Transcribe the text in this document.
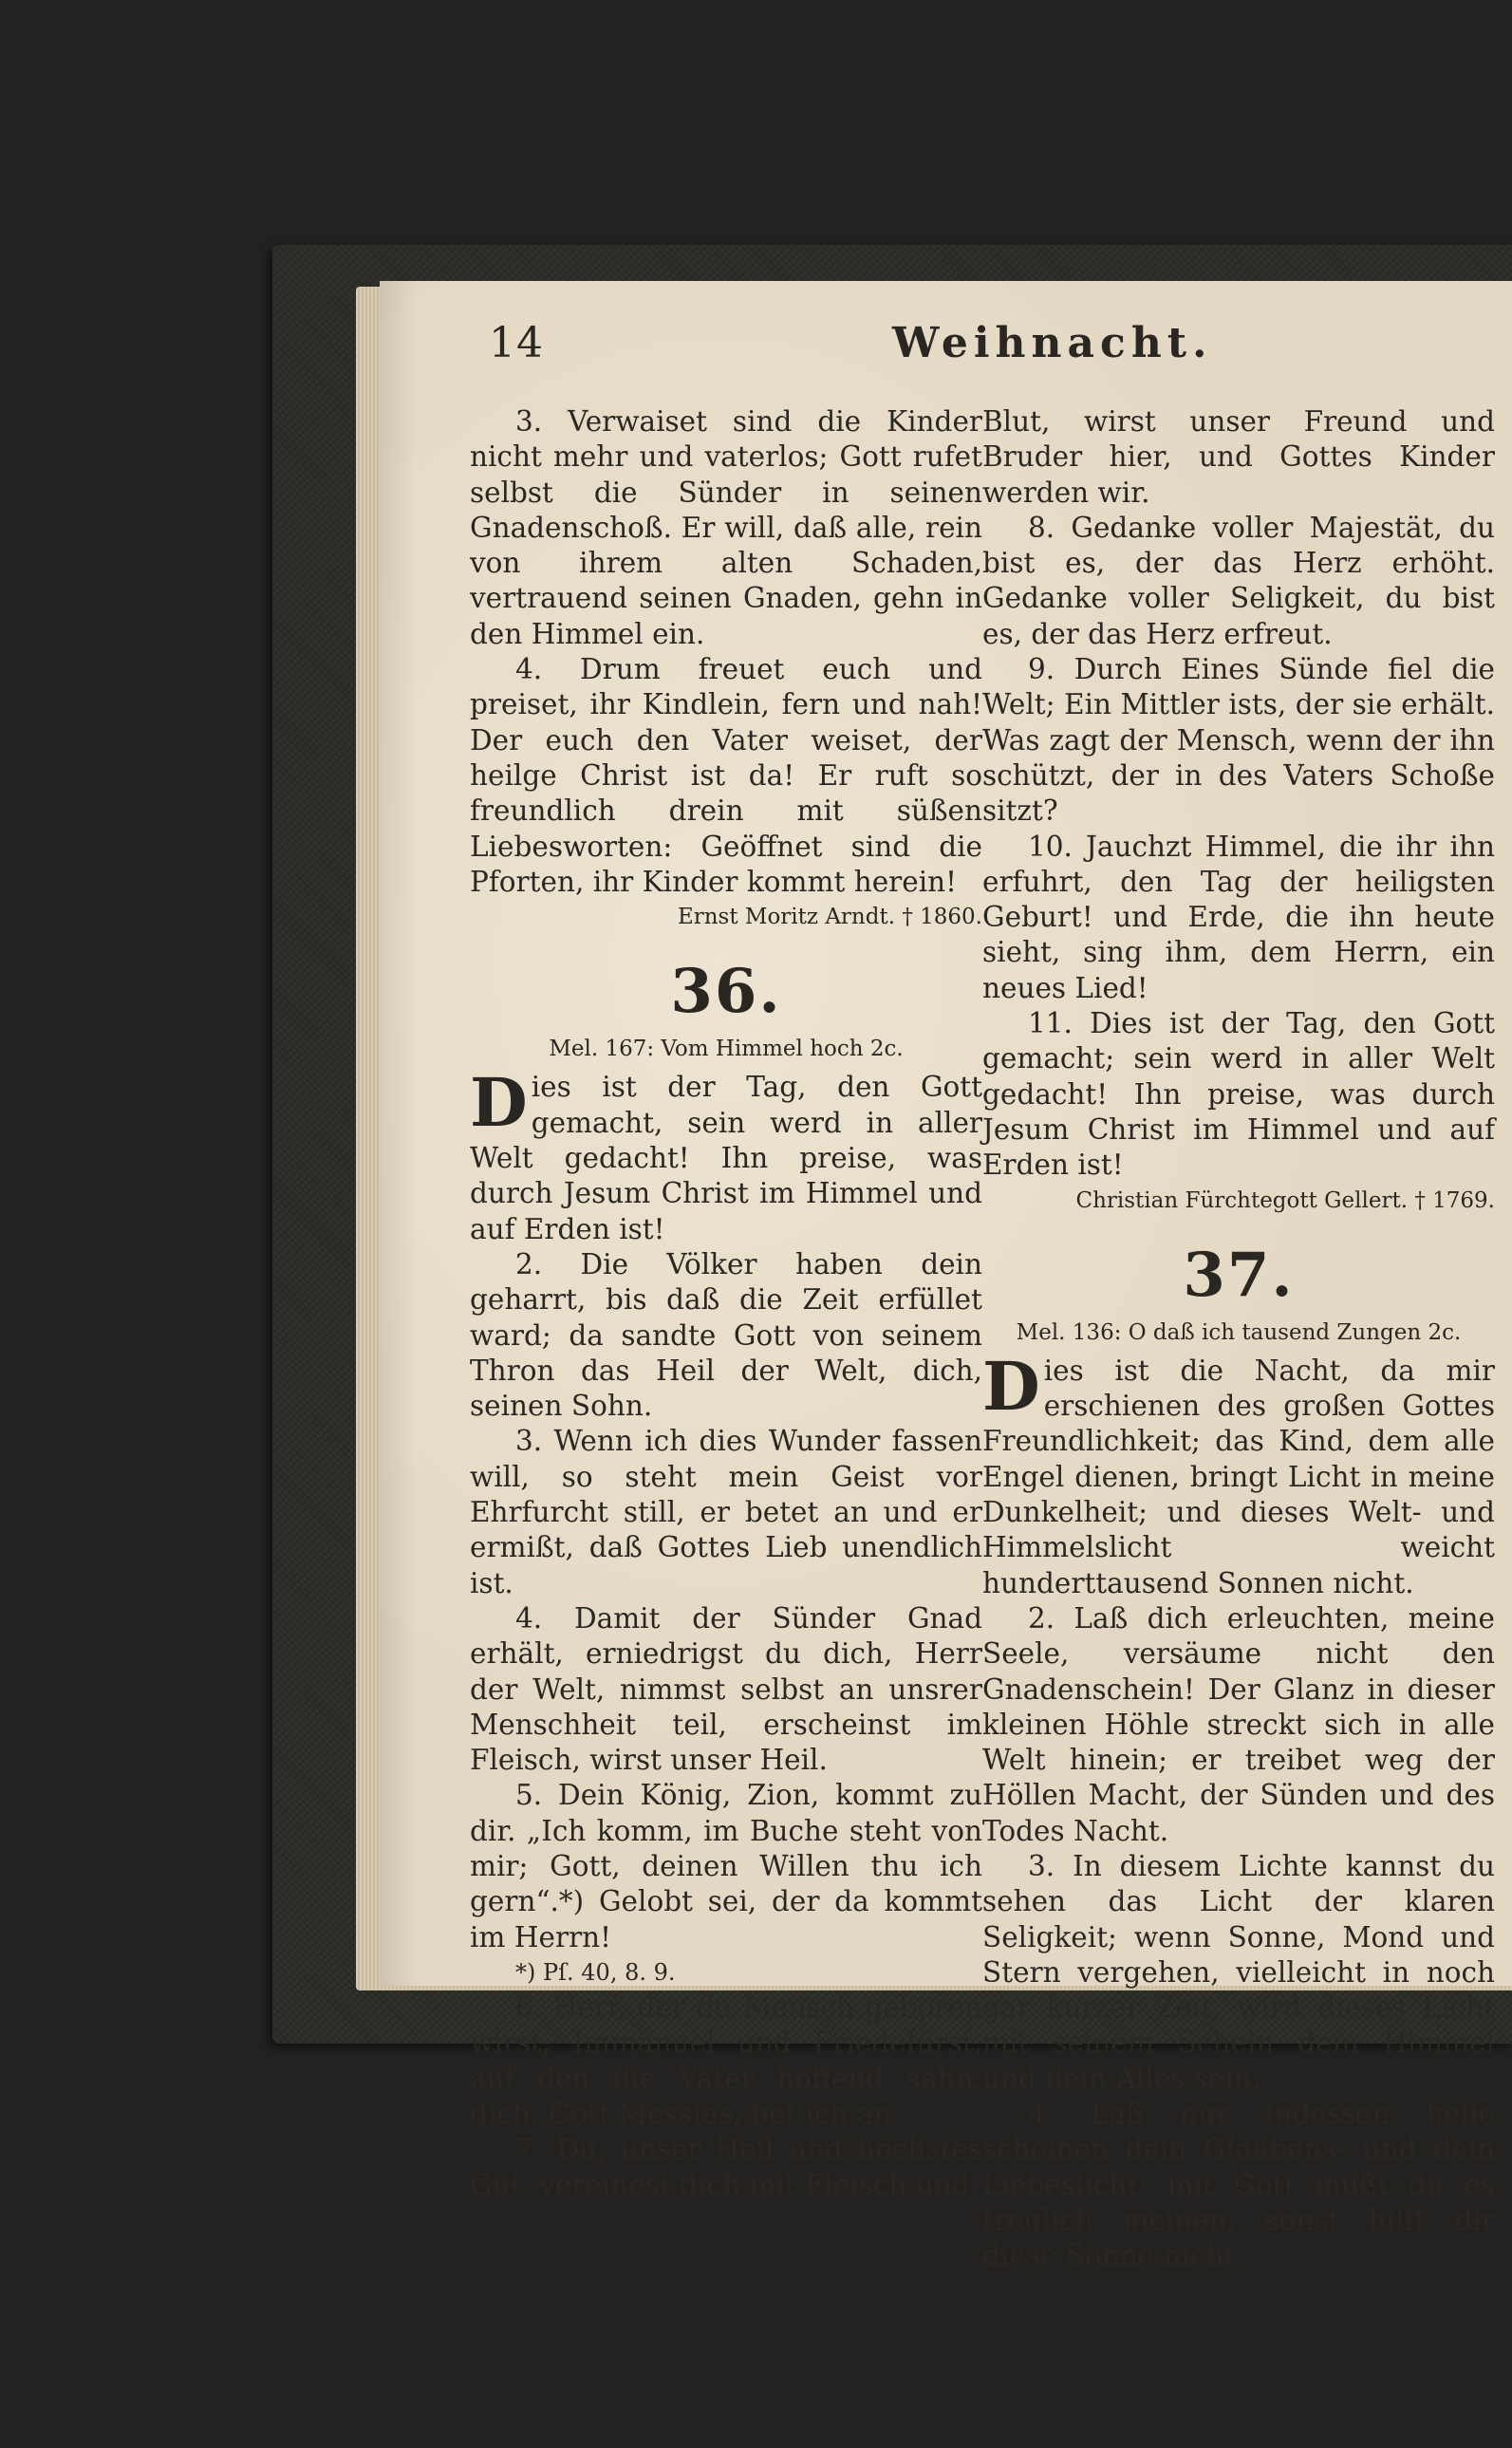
14	Weihnacht.

3. Verwaiset sind die Kinder nicht mehr und vaterlos; Gott rufet selbst die Sünder in seinen Gnadenschoß. Er will, daß alle, rein von ihrem alten Schaden, vertrauend seinen Gnaden, gehn in den Himmel ein.

4. Drum freuet euch und preiset, ihr Kindlein, fern und nah! Der euch den Vater weiset, der heilge Christ ist da! Er ruft so freundlich drein mit süßen Liebesworten: Geöffnet sind die Pforten, ihr Kinder kommt herein!

Ernst Moritz Arndt. † 1860.

36.
Mel. 167: Vom Himmel hoch 2c.

Dies ist der Tag, den Gott gemacht, sein werd in aller Welt gedacht! Ihn preise, was durch Jesum Christ im Himmel und auf Erden ist!

2. Die Völker haben dein geharrt, bis daß die Zeit erfüllet ward; da sandte Gott von seinem Thron das Heil der Welt, dich, seinen Sohn.

3. Wenn ich dies Wunder fassen will, so steht mein Geist vor Ehrfurcht still, er betet an und er ermißt, daß Gottes Lieb unendlich ist.

4. Damit der Sünder Gnad erhält, erniedrigst du dich, Herr der Welt, nimmst selbst an unsrer Menschheit teil, erscheinst im Fleisch, wirst unser Heil.

5. Dein König, Zion, kommt zu dir. „Ich komm, im Buche steht von mir; Gott, deinen Willen thu ich gern“.*) Gelobt sei, der da kommt im Herrn!

*) Pſ. 40, 8. 9.

6. Herr, der du Mensch geboren wirst, Immanuel und Friedefürst, auf den die Väter hoffend sahn, dich, Gott Messias, bet ich an.

7. Du, unser Heil und höchstes Gut, vereinest dich mit Fleisch und

Blut, wirst unser Freund und Bruder hier, und Gottes Kinder werden wir.

8. Gedanke voller Majestät, du bist es, der das Herz erhöht. Gedanke voller Seligkeit, du bist es, der das Herz erfreut.

9. Durch Eines Sünde fiel die Welt; Ein Mittler ists, der sie erhält. Was zagt der Mensch, wenn der ihn schützt, der in des Vaters Schoße sitzt?

10. Jauchzt Himmel, die ihr ihn erfuhrt, den Tag der heiligsten Geburt! und Erde, die ihn heute sieht, sing ihm, dem Herrn, ein neues Lied!

11. Dies ist der Tag, den Gott gemacht; sein werd in aller Welt gedacht! Ihn preise, was durch Jesum Christ im Himmel und auf Erden ist!

Christian Fürchtegott Gellert. † 1769.

37.
Mel. 136: O daß ich tausend Zungen 2c.

Dies ist die Nacht, da mir erschienen des großen Gottes Freundlichkeit; das Kind, dem alle Engel dienen, bringt Licht in meine Dunkelheit; und dieses Welt- und Himmelslicht weicht hunderttausend Sonnen nicht.

2. Laß dich erleuchten, meine Seele, versäume nicht den Gnadenschein! Der Glanz in dieser kleinen Höhle streckt sich in alle Welt hinein; er treibet weg der Höllen Macht, der Sünden und des Todes Nacht.

3. In diesem Lichte kannst du sehen das Licht der klaren Seligkeit; wenn Sonne, Mond und Stern vergehen, vielleicht in noch gar kurzer Zeit, wird dieses Licht mit seinem Schein dein Himmel und dein Alles sein.

4. Laß nur indessen helle scheinen dein Glaubens- und dein Liebeslicht; mit Gott mußt du es treulich meinen, sonst hilft dir diese Sonne nicht.
